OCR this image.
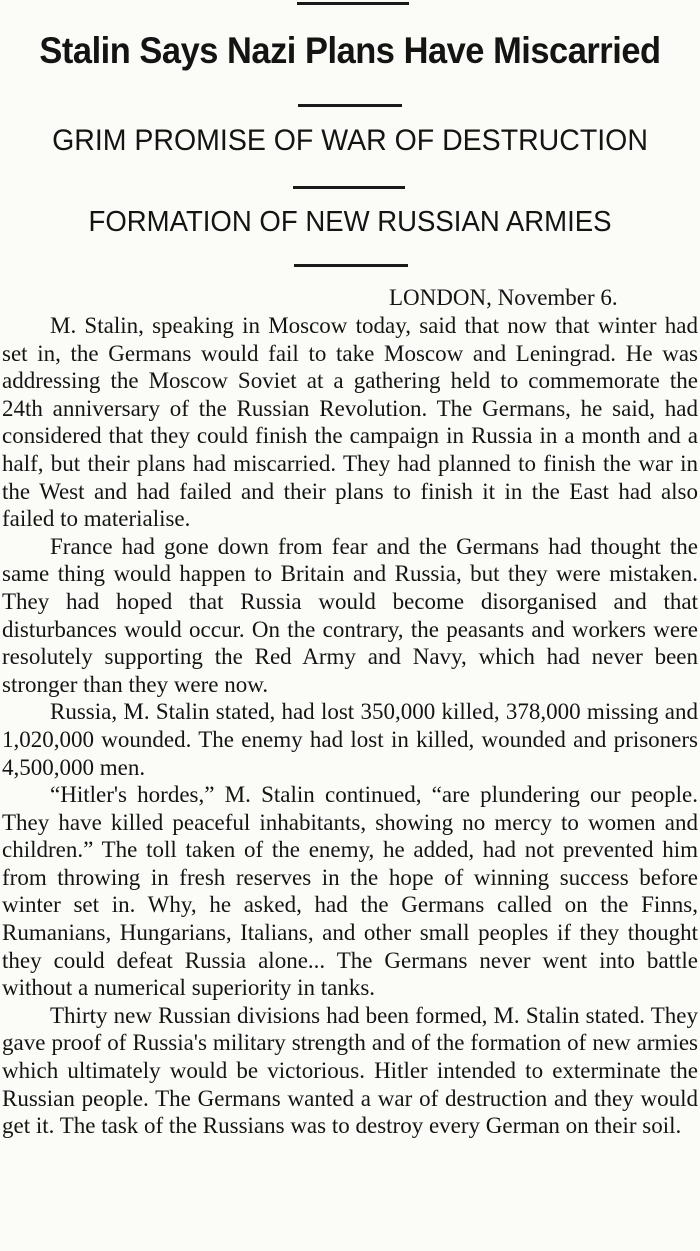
Stalin Says Nazi Plans Have Miscarried
GRIM PROMISE OF WAR OF DESTRUCTION
FORMATION OF NEW RUSSIAN ARMIES
LONDON, November 6.

M. Stalin, speaking in Moscow today, said that now that winter had set in, the Germans would fail to take Moscow and Leningrad. He was addressing the Moscow Soviet at a gathering held to commemorate the 24th anniversary of the Russian Revolution. The Germans, he said, had considered that they could finish the campaign in Russia in a month and a half, but their plans had miscarried. They had planned to finish the war in the West and had failed and their plans to finish it in the East had also failed to materialise.

France had gone down from fear and the Germans had thought the same thing would happen to Britain and Russia, but they were mistaken. They had hoped that Russia would become disorganised and that disturbances would occur. On the contrary, the peasants and workers were resolutely supporting the Red Army and Navy, which had never been stronger than they were now.

Russia, M. Stalin stated, had lost 350,000 killed, 378,000 missing and 1,020,000 wounded. The enemy had lost in killed, wounded and prisoners 4,500,000 men.

“Hitler's hordes,” M. Stalin continued, “are plundering our people. They have killed peaceful inhabitants, showing no mercy to women and children.” The toll taken of the enemy, he added, had not prevented him from throwing in fresh reserves in the hope of winning success before winter set in. Why, he asked, had the Germans called on the Finns, Rumanians, Hungarians, Italians, and other small peoples if they thought they could defeat Russia alone... The Germans never went into battle without a numerical superiority in tanks.

Thirty new Russian divisions had been formed, M. Stalin stated. They gave proof of Russia's military strength and of the formation of new armies which ultimately would be victorious. Hitler intended to exterminate the Russian people. The Germans wanted a war of destruction and they would get it. The task of the Russians was to destroy every German on their soil.
